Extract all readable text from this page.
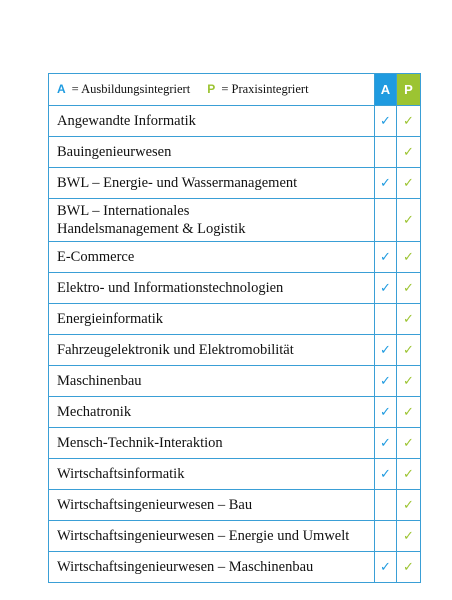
A = Ausbildungsintegriert P = Praxisintegriert	A	P
Angewandte Informatik	✓	✓
Bauingenieurwesen		✓
BWL – Energie- und Wassermanagement	✓	✓
BWL – Internationales
Handelsmanagement & Logistik		✓
E-Commerce	✓	✓
Elektro- und Informationstechnologien	✓	✓
Energieinformatik		✓
Fahrzeugelektronik und Elektromobilität	✓	✓
Maschinenbau	✓	✓
Mechatronik	✓	✓
Mensch-Technik-Interaktion	✓	✓
Wirtschaftsinformatik	✓	✓
Wirtschaftsingenieurwesen – Bau		✓
Wirtschaftsingenieurwesen – Energie und Umwelt		✓
Wirtschaftsingenieurwesen – Maschinenbau	✓	✓
